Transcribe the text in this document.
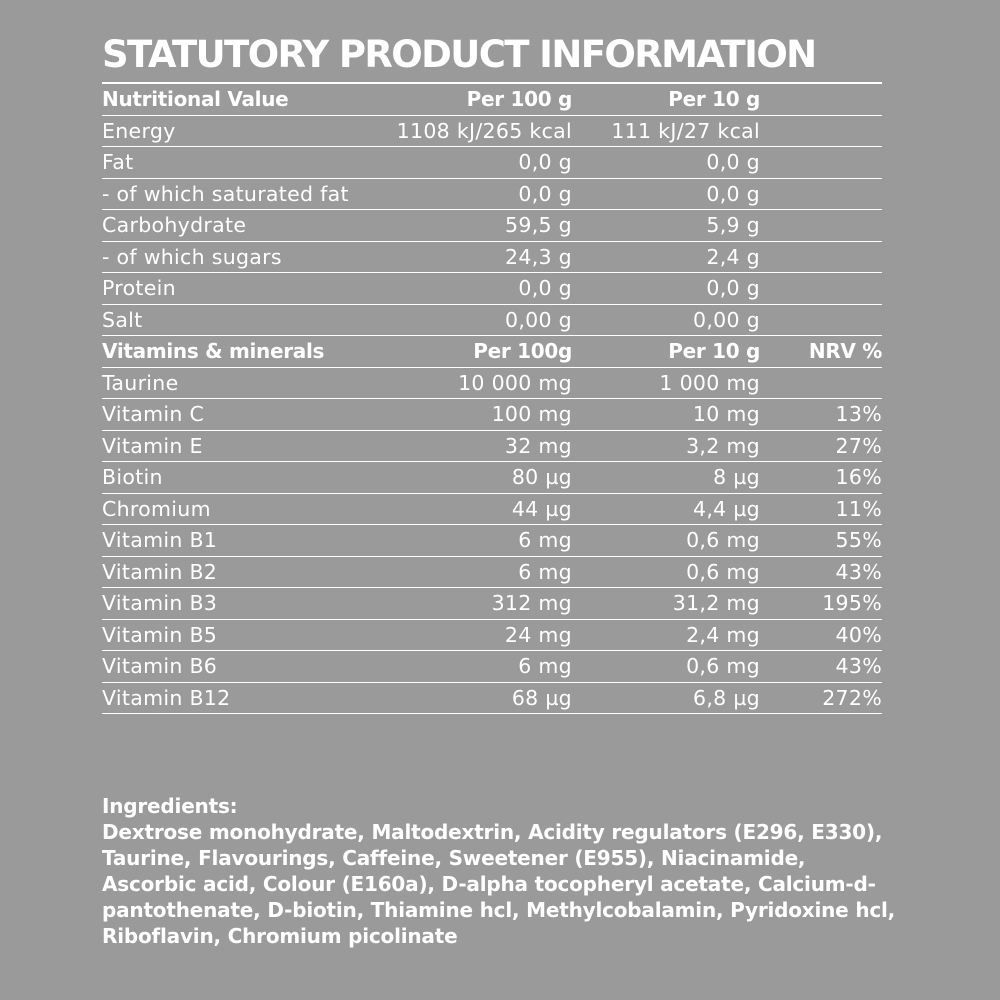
STATUTORY PRODUCT INFORMATION
Nutritional Value	Per 100 g	Per 10 g	
Energy	1108 kJ/265 kcal	111 kJ/27 kcal	
Fat	0,0 g	0,0 g	
- of which saturated fat	0,0 g	0,0 g	
Carbohydrate	59,5 g	5,9 g	
- of which sugars	24,3 g	2,4 g	
Protein	0,0 g	0,0 g	
Salt	0,00 g	0,00 g	
Vitamins & minerals	Per 100g	Per 10 g	NRV %
Taurine	10 000 mg	1 000 mg	
Vitamin C	100 mg	10 mg	13%
Vitamin E	32 mg	3,2 mg	27%
Biotin	80 µg	8 µg	16%
Chromium	44 µg	4,4 µg	11%
Vitamin B1	6 mg	0,6 mg	55%
Vitamin B2	6 mg	0,6 mg	43%
Vitamin B3	312 mg	31,2 mg	195%
Vitamin B5	24 mg	2,4 mg	40%
Vitamin B6	6 mg	0,6 mg	43%
Vitamin B12	68 µg	6,8 µg	272%
Ingredients:
Dextrose monohydrate, Maltodextrin, Acidity regulators (E296, E330), Taurine, Flavourings, Caffeine, Sweetener (E955), Niacinamide, Ascorbic acid, Colour (E160a), D-alpha tocopheryl acetate, Calcium-d-pantothenate, D-biotin, Thiamine hcl, Methylcobalamin, Pyridoxine hcl, Riboflavin, Chromium picolinate
